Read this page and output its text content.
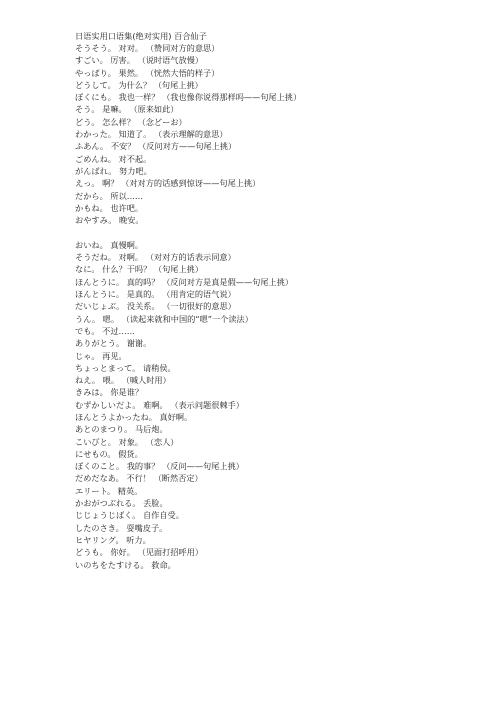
日语实用口语集(绝对实用) 百合仙子
そうそう。 对对。 （赞同对方的意思）
すごい。 厉害。 （说时语气放慢）
やっぱり。 果然。 （恍然大悟的样子）
どうして。 为什么？ （句尾上挑）
ぼくにも。 我也一样？ （我也像你说得那样吗——句尾上挑）
そう。 是嘛。 （原来如此）
どう。 怎么样？ （念どーお）
わかった。 知道了。 （表示理解的意思）
ふあん。 不安？ （反问对方——句尾上挑）
ごめんね。 对不起。
がんばれ。 努力吧。
えっ。 啊？ （对对方的话感到惊讶——句尾上挑）
だから。 所以……
かもね。 也许吧。
おやすみ。 晚安。
おいね。 真慢啊。
そうだね。 对啊。 （对对方的话表示同意）
なに。 什么？干吗？ （句尾上挑）
ほんとうに。 真的吗？ （反问对方是真是假——句尾上挑）
ほんとうに。 是真的。 （用肯定的语气说）
だいじょぶ。 没关系。 （一切很好的意思）
うん。 嗯。 （读起来就和中国的“嗯”一个读法）
でも。 不过……
ありがとう。 谢谢。
じゃ。 再见。
ちょっとまって。 请稍侯。
ねえ。 喂。 （喊人时用）
きみは。 你是谁？
むずかしいだよ。 难啊。 （表示问题很棘手）
ほんとうよかったね。 真好啊。
あとのまつり。 马后炮。
こいびと。 对象。 （恋人）
にせもの。 假货。
ぼくのこと。 我的事？ （反问——句尾上挑）
だめだなあ。 不行！ （断然否定）
エリート。 精英。
かおがつぶれる。 丢脸。
じじょうじばく。 自作自受。
したのさき。 耍嘴皮子。
ヒヤリング。 听力。
どうも。 你好。 （见面打招呼用）
いのちをたすける。 救命。
